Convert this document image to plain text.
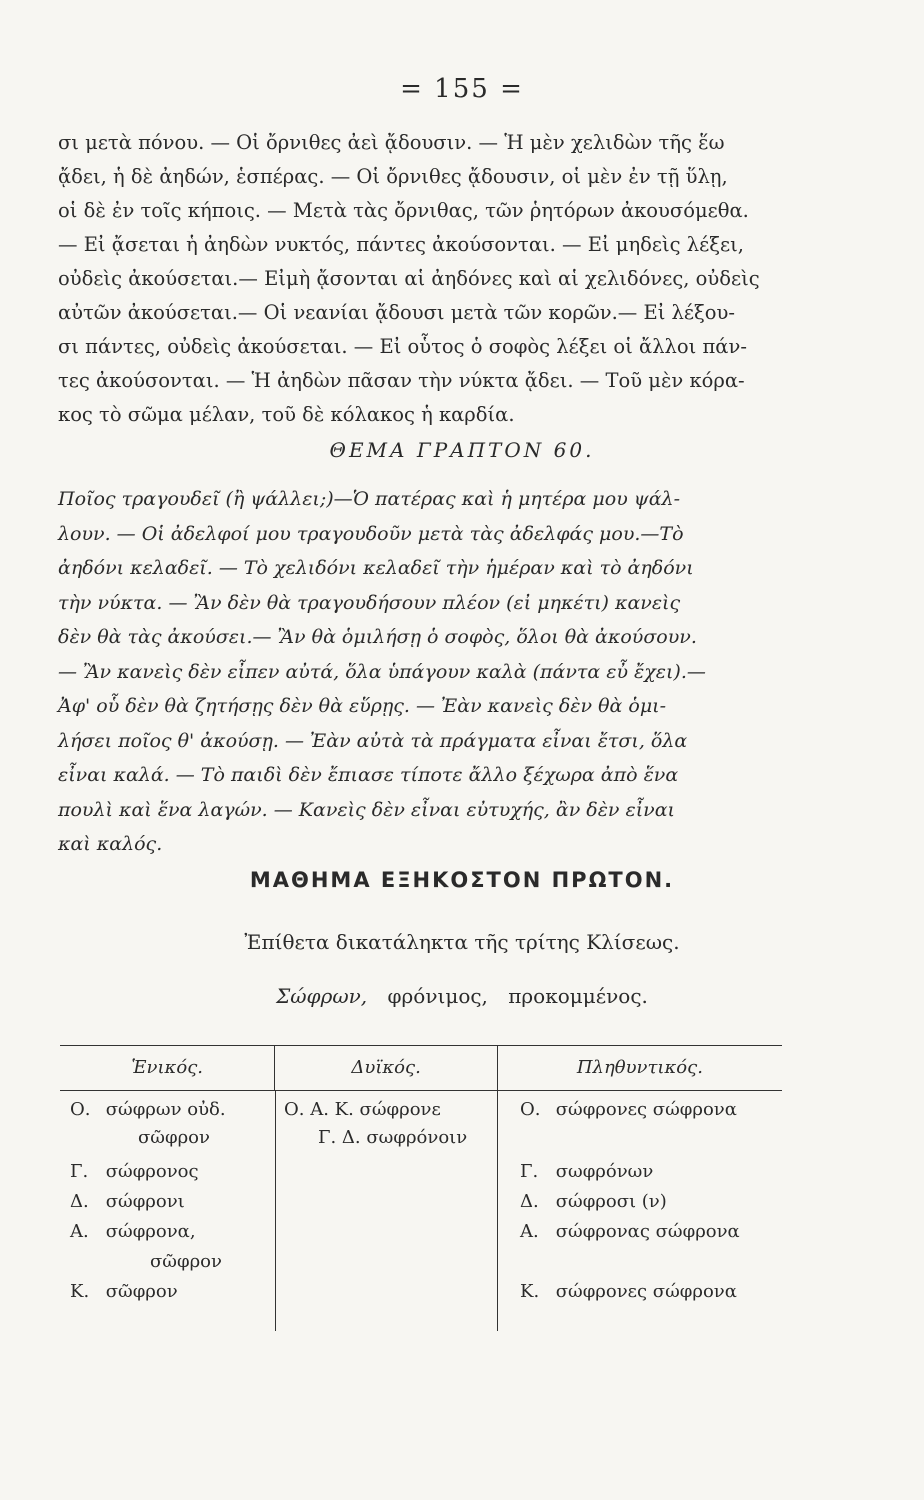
= 155 =

σι μετὰ πόνου. — Οἱ ὄρνιθες ἀεὶ ᾄδουσιν. — Ἡ μὲν χελιδὼν τῆς ἕω

ᾄδει, ἡ δὲ ἀηδών, ἑσπέρας. — Οἱ ὄρνιθες ᾄδουσιν, οἱ μὲν ἐν τῇ ὕλῃ,

οἱ δὲ ἐν τοῖς κήποις. — Μετὰ τὰς ὄρνιθας, τῶν ῥητόρων ἀκουσόμεθα.

— Εἰ ᾄσεται ἡ ἀηδὼν νυκτός, πάντες ἀκούσονται. — Εἰ μηδεὶς λέξει,

οὐδεὶς ἀκούσεται.— Εἰμὴ ᾄσονται αἱ ἀηδόνες καὶ αἱ χελιδόνες, οὐδεὶς

αὐτῶν ἀκούσεται.— Οἱ νεανίαι ᾄδουσι μετὰ τῶν κορῶν.— Εἰ λέξου-

σι πάντες, οὐδεὶς ἀκούσεται. — Εἰ οὗτος ὁ σοφὸς λέξει οἱ ἄλλοι πάν-

τες ἀκούσονται. — Ἡ ἀηδὼν πᾶσαν τὴν νύκτα ᾄδει. — Τοῦ μὲν κόρα-

κος τὸ σῶμα μέλαν, τοῦ δὲ κόλακος ἡ καρδία.

ΘΕΜΑ ΓΡΑΠΤΟΝ 60.

Ποῖος τραγουδεῖ (ἢ ψάλλει;)—Ὁ πατέρας καὶ ἡ μητέρα μου ψάλ-

λουν. — Οἱ ἀδελφοί μου τραγουδοῦν μετὰ τὰς ἀδελφάς μου.—Τὸ

ἀηδόνι κελαδεῖ. — Τὸ χελιδόνι κελαδεῖ τὴν ἡμέραν καὶ τὸ ἀηδόνι

τὴν νύκτα. — Ἂν δὲν θὰ τραγουδήσουν πλέον (εἰ μηκέτι) κανεὶς

δὲν θὰ τὰς ἀκούσει.— Ἂν θὰ ὁμιλήσῃ ὁ σοφὸς, ὅλοι θὰ ἀκούσουν.

— Ἂν κανεὶς δὲν εἶπεν αὐτά, ὅλα ὑπάγουν καλὰ (πάντα εὖ ἔχει).—

Ἀφ' οὗ δὲν θὰ ζητήσῃς δὲν θὰ εὕρῃς. — Ἐὰν κανεὶς δὲν θὰ ὁμι-

λήσει ποῖος θ' ἀκούσῃ. — Ἐὰν αὐτὰ τὰ πράγματα εἶναι ἔτσι, ὅλα

εἶναι καλά. — Τὸ παιδὶ δὲν ἔπιασε τίποτε ἄλλο ξέχωρα ἀπὸ ἕνα

πουλὶ καὶ ἕνα λαγών. — Κανεὶς δὲν εἶναι εὐτυχής, ἂν δὲν εἶναι

καὶ καλός.

ΜΑΘΗΜΑ ΕΞΗΚΟΣΤΟΝ ΠΡΩΤΟΝ.
Ἐπίθετα δικατάληκτα τῆς τρίτης Κλίσεως.
Σώφρων, φρόνιμος, προκομμένος.
Ἑνικός.	Δυϊκός.	Πληθυντικός.
Ο. σώφρων οὐδ.
σῶφρον
Γ. σώφρονος
Δ. σώφρονι
Α. σώφρονα,
σῶφρον
Κ. σῶφρον
Ο. Α. Κ. σώφρονε
Γ. Δ. σωφρόνοιν
Ο. σώφρονες σώφρονα
Γ. σωφρόνων
Δ. σώφροσι (ν)
Α. σώφρονας σώφρονα
Κ. σώφρονες σώφρονα
